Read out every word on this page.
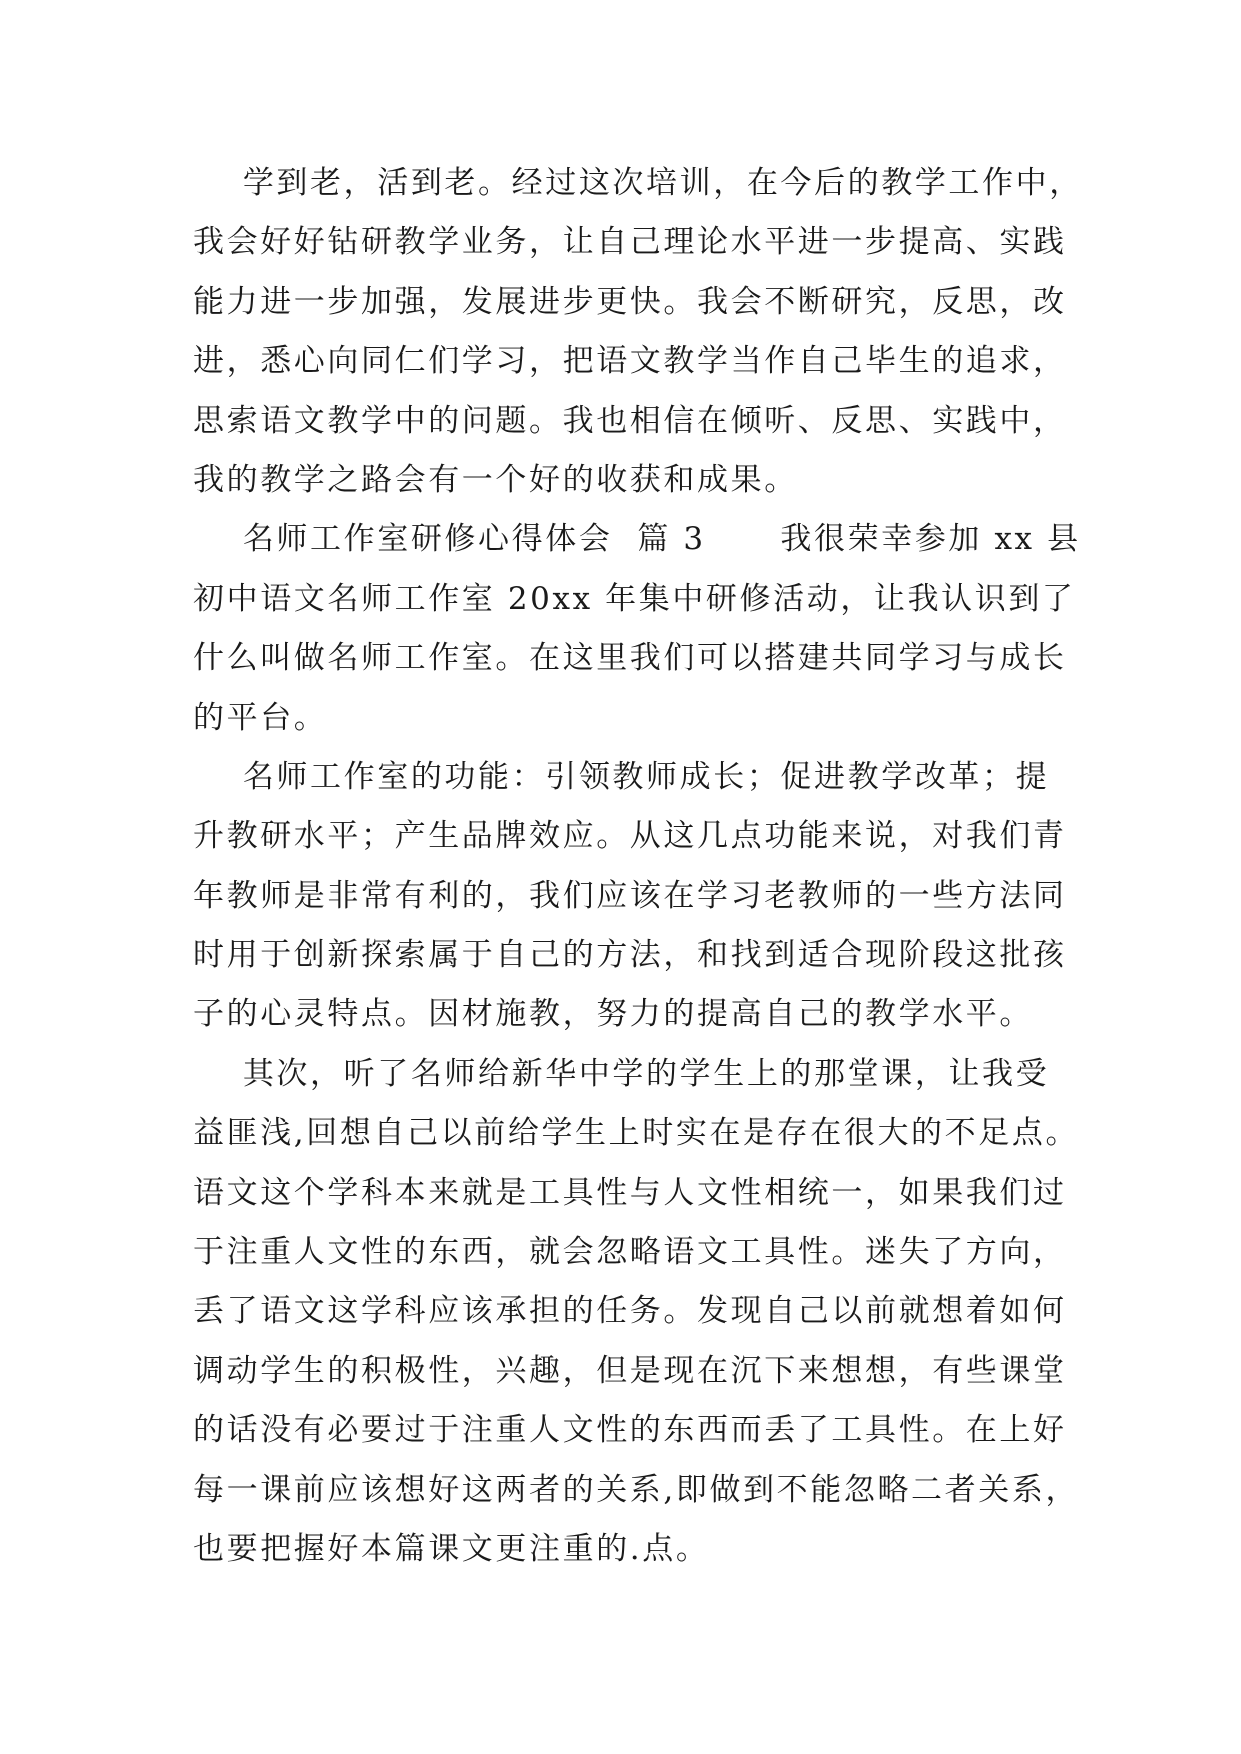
学到老，活到老。经过这次培训，在今后的教学工作中，
我会好好钻研教学业务，让自己理论水平进一步提高、实践
能力进一步加强，发展进步更快。我会不断研究，反思，改
进，悉心向同仁们学习，把语文教学当作自己毕生的追求，
思索语文教学中的问题。我也相信在倾听、反思、实践中，
我的教学之路会有一个好的收获和成果。
名师工作室研修心得体会  篇 3      我很荣幸参加 xx 县
初中语文名师工作室 20xx 年集中研修活动，让我认识到了
什么叫做名师工作室。在这里我们可以搭建共同学习与成长
的平台。
名师工作室的功能：引领教师成长；促进教学改革；提
升教研水平；产生品牌效应。从这几点功能来说，对我们青
年教师是非常有利的，我们应该在学习老教师的一些方法同
时用于创新探索属于自己的方法，和找到适合现阶段这批孩
子的心灵特点。因材施教，努力的提高自己的教学水平。
其次，听了名师给新华中学的学生上的那堂课，让我受
益匪浅,回想自己以前给学生上时实在是存在很大的不足点。
语文这个学科本来就是工具性与人文性相统一，如果我们过
于注重人文性的东西，就会忽略语文工具性。迷失了方向，
丢了语文这学科应该承担的任务。发现自己以前就想着如何
调动学生的积极性，兴趣，但是现在沉下来想想，有些课堂
的话没有必要过于注重人文性的东西而丢了工具性。在上好
每一课前应该想好这两者的关系,即做到不能忽略二者关系，
也要把握好本篇课文更注重的.点。
